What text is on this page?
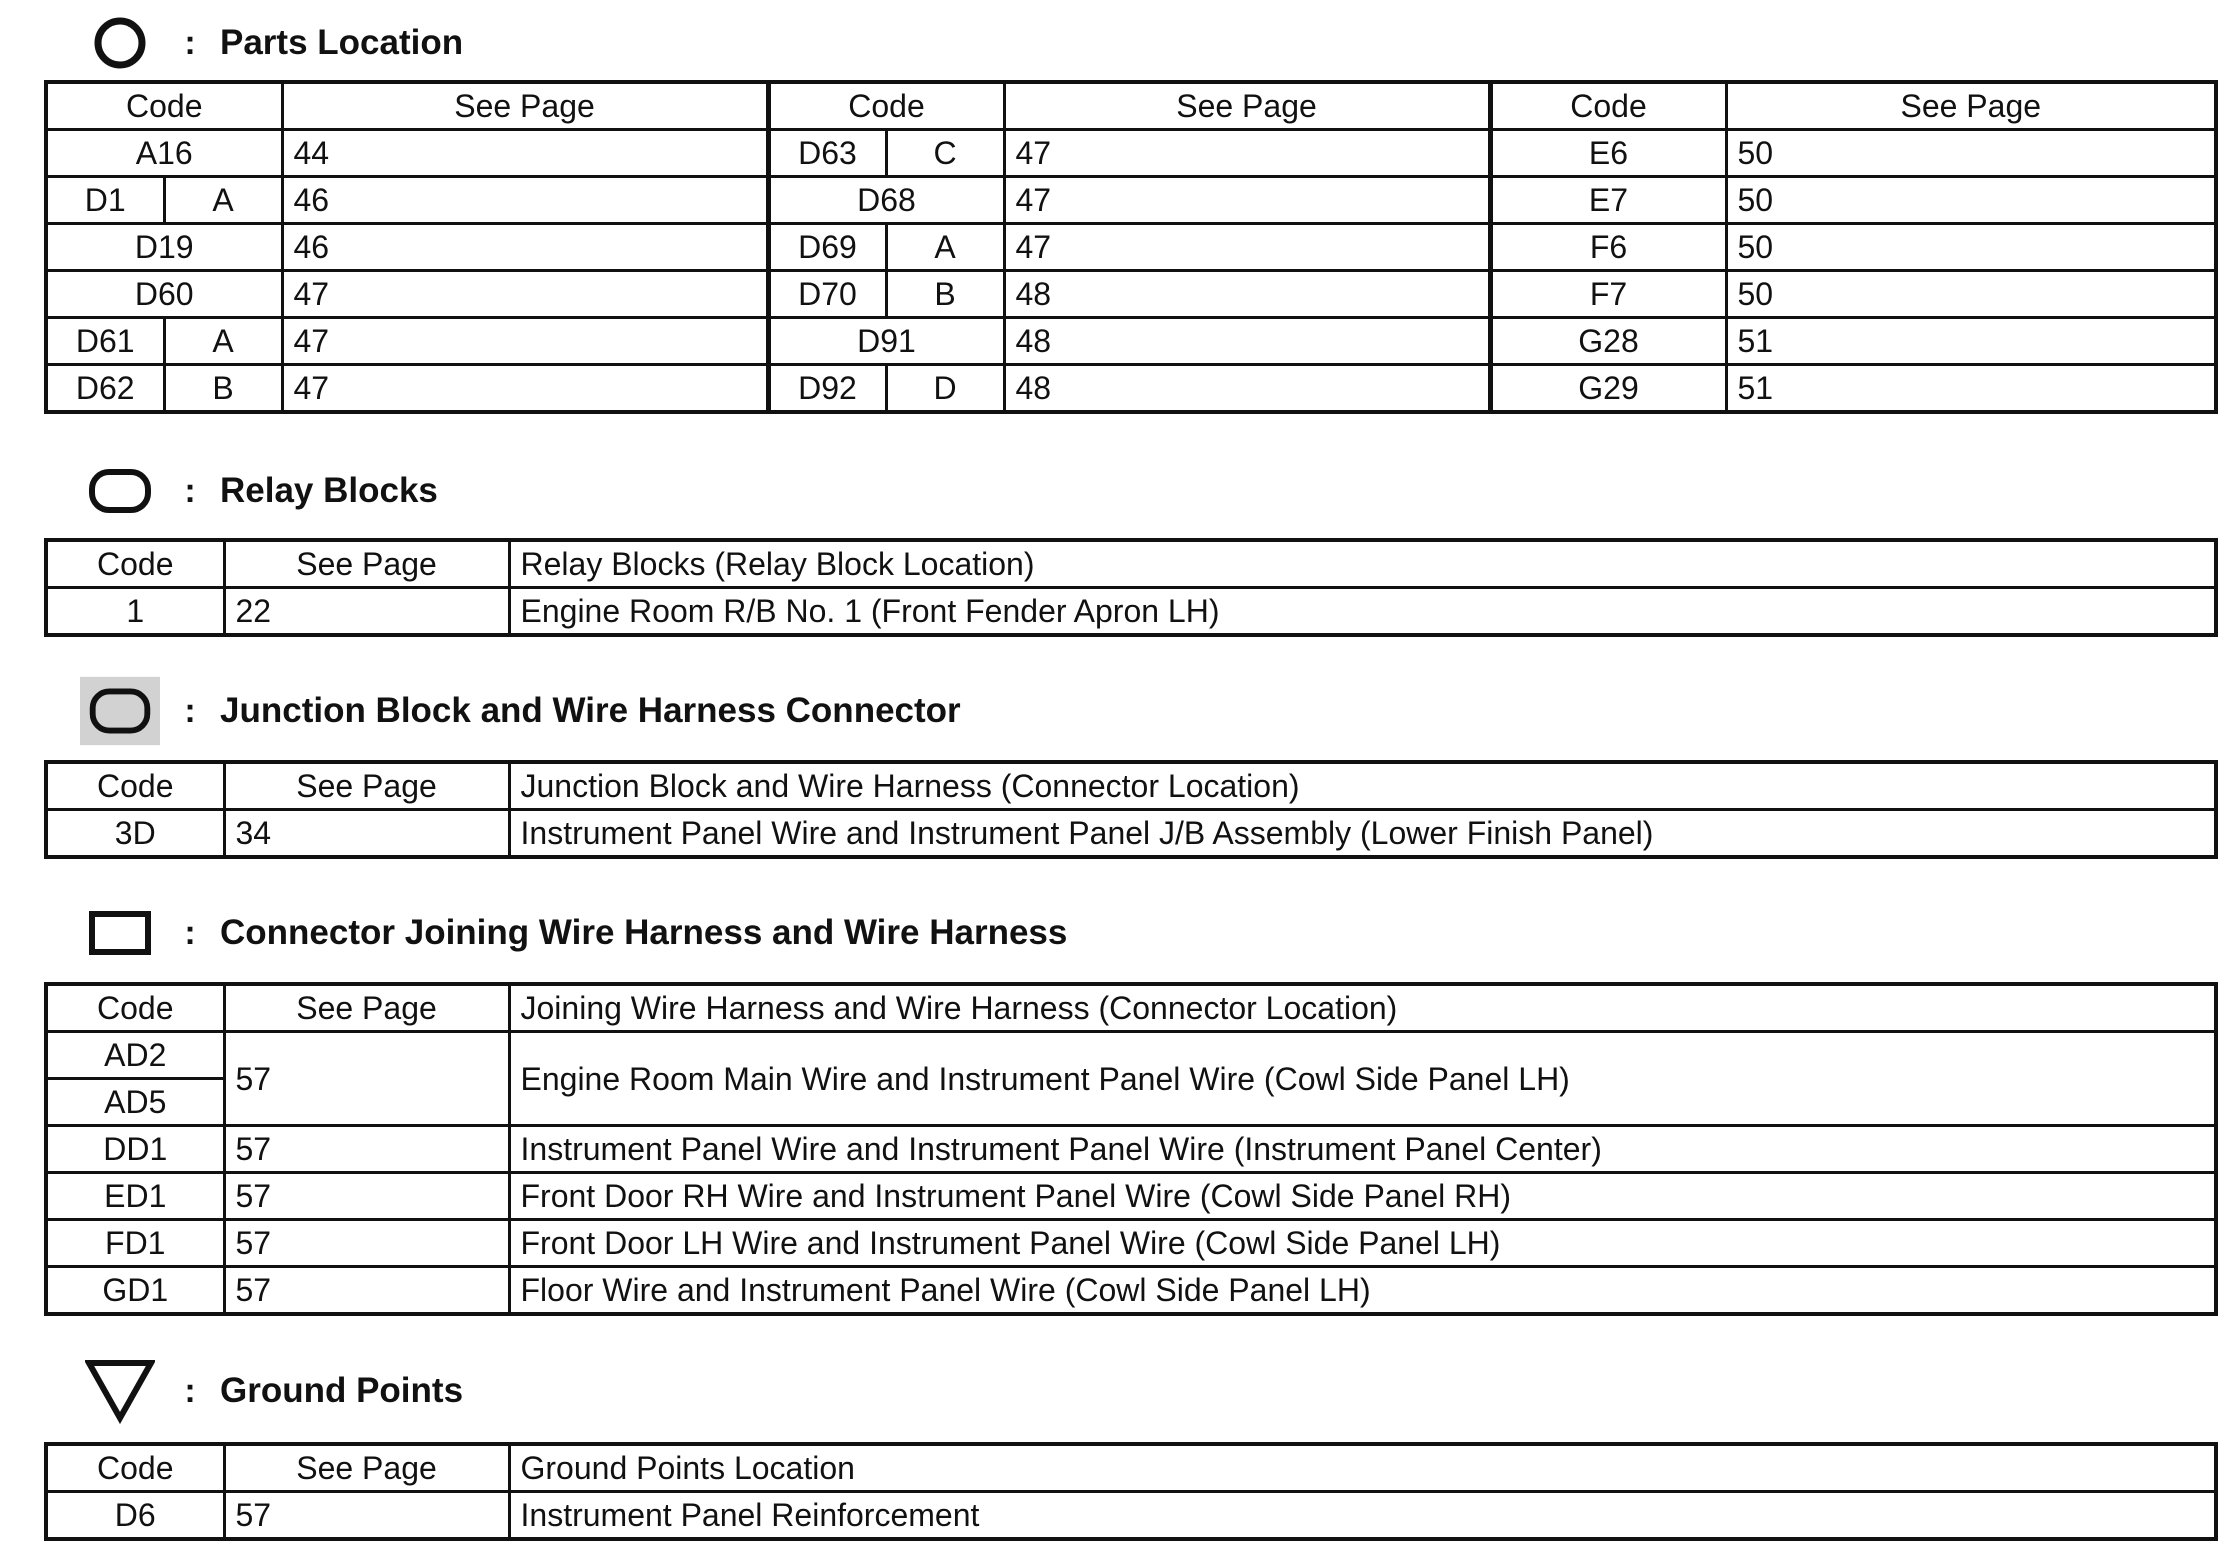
: Parts Location
Code		See Page	Code		See Page	Code	See Page
A16		44	D63	C	47	E6	50
D1	A	46	D68		47	E7	50
D19		46	D69	A	47	F6	50
D60		47	D70	B	48	F7	50
D61	A	47	D91		48	G28	51
D62	B	47	D92	D	48	G29	51
: Relay Blocks
Code	See Page	Relay Blocks (Relay Block Location)
1	22	Engine Room R/B No. 1 (Front Fender Apron LH)
: Junction Block and Wire Harness Connector
Code	See Page	Junction Block and Wire Harness (Connector Location)
3D	34	Instrument Panel Wire and Instrument Panel J/B Assembly (Lower Finish Panel)
: Connector Joining Wire Harness and Wire Harness
Code	See Page	Joining Wire Harness and Wire Harness (Connector Location)
AD2	57	Engine Room Main Wire and Instrument Panel Wire (Cowl Side Panel LH)
AD5		
DD1	57	Instrument Panel Wire and Instrument Panel Wire (Instrument Panel Center)
ED1	57	Front Door RH Wire and Instrument Panel Wire (Cowl Side Panel RH)
FD1	57	Front Door LH Wire and Instrument Panel Wire (Cowl Side Panel LH)
GD1	57	Floor Wire and Instrument Panel Wire (Cowl Side Panel LH)
: Ground Points
Code	See Page	Ground Points Location
D6	57	Instrument Panel Reinforcement
